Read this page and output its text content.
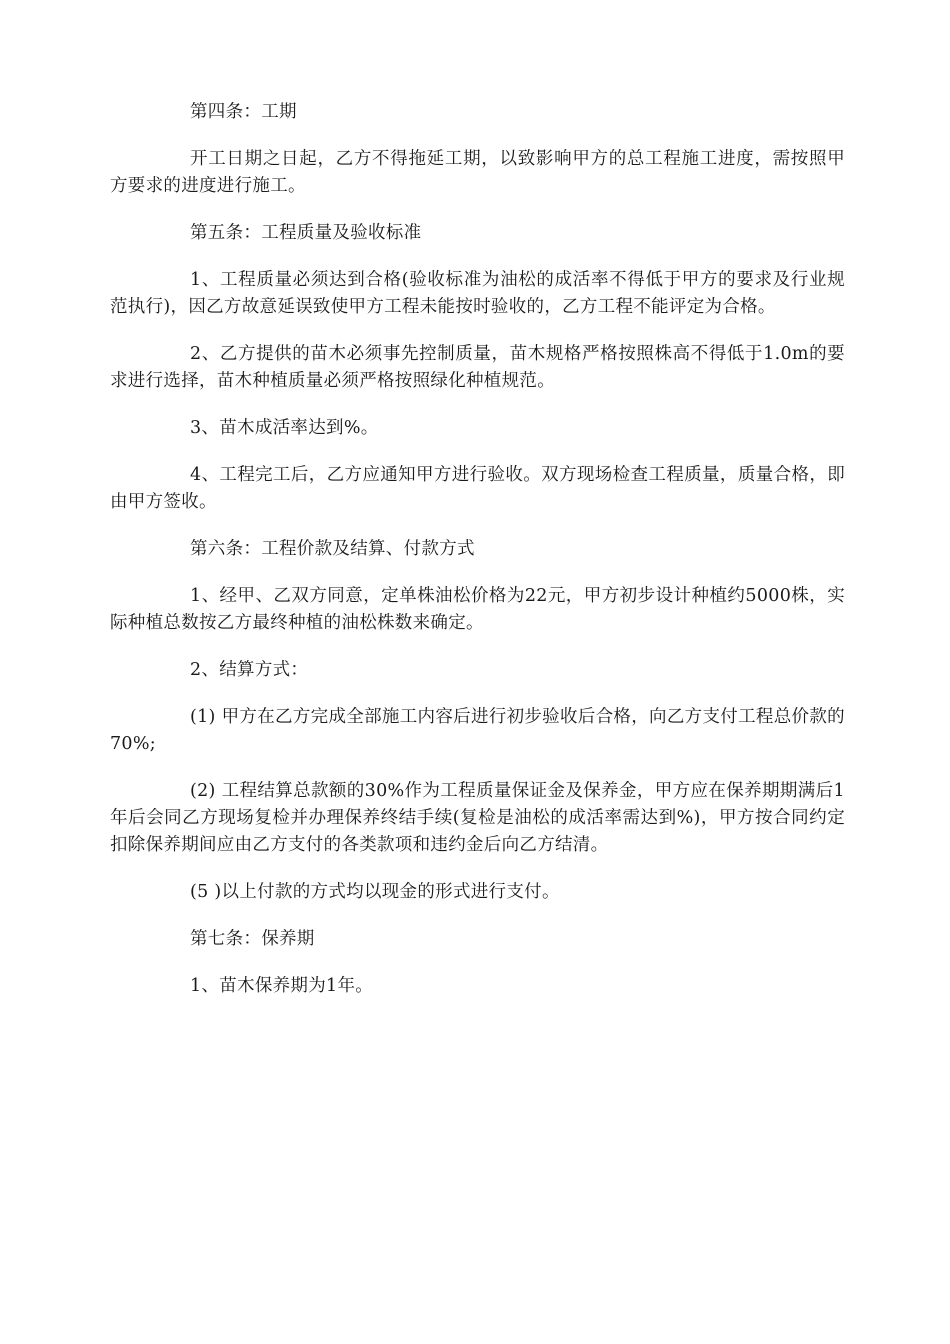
第四条：工期

开工日期之日起，乙方不得拖延工期，以致影响甲方的总工程施工进度，需按照甲方要求的进度进行施工。

第五条：工程质量及验收标准

1、工程质量必须达到合格(验收标准为油松的成活率不得低于甲方的要求及行业规范执行)，因乙方故意延误致使甲方工程未能按时验收的，乙方工程不能评定为合格。

2、乙方提供的苗木必须事先控制质量，苗木规格严格按照株高不得低于1.0m的要求进行选择，苗木种植质量必须严格按照绿化种植规范。

3、苗木成活率达到%。

4、工程完工后，乙方应通知甲方进行验收。双方现场检查工程质量，质量合格，即由甲方签收。

第六条：工程价款及结算、付款方式

1、经甲、乙双方同意，定单株油松价格为22元，甲方初步设计种植约5000株，实际种植总数按乙方最终种植的油松株数来确定。

2、结算方式：

(1) 甲方在乙方完成全部施工内容后进行初步验收后合格，向乙方支付工程总价款的70%;

(2) 工程结算总款额的30%作为工程质量保证金及保养金，甲方应在保养期期满后1年后会同乙方现场复检并办理保养终结手续(复检是油松的成活率需达到%)，甲方按合同约定扣除保养期间应由乙方支付的各类款项和违约金后向乙方结清。

(5 )以上付款的方式均以现金的形式进行支付。

第七条：保养期

1、苗木保养期为1年。
